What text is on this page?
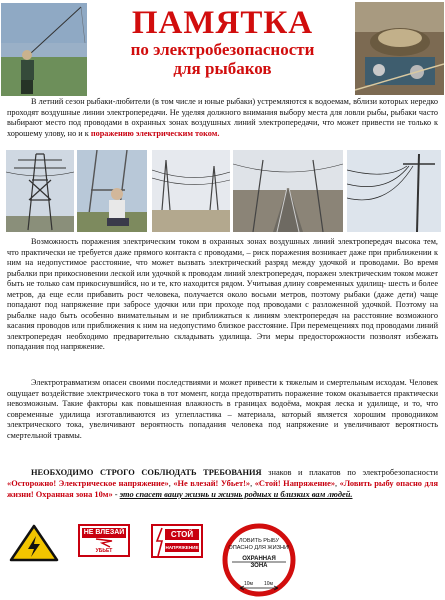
ПАМЯТКА
по электробезопасности
для рыбаков
В летний сезон рыбаки-любители (в том числе и юные рыбаки) устремляются к водоемам, вблизи которых нередко проходят воздушные линии электропередачи. Не уделяя должного внимания выбору места для ловли рыбы, рыбаки часто выбирают место под проводами в охранных зонах воздушных линий электропередачи, что может привести не только к хорошему улову, но и к поражению электрическим током.
Возможность поражения электрическим током в охранных зонах воздушных линий электропередач высока тем, что практически не требуется даже прямого контакта с проводами, – риск поражения возникает даже при приближении к ним на недопустимое расстояние, что может вызвать электрический разряд между удочкой и проводами. Во время рыбалки при прикосновении лескoй или удочкой к проводам линий электропередач, поражен электрическим током может быть не только сам прикоснувшийся, но и те, кто находится рядом. Учитывая длину современных удилищ- шесть и более метров, да еще если прибавить рост человека, получается около восьми метров, поэтому рыбаки (даже дети) чаще попадают под напряжение при забросе удочки или при проходе под проводами с разложенной удочкой. Поэтому на рыбалке надо быть особенно внимательным и не приближаться к линиям электропередач на расстояние возможного касания проводов или приближения к ним на недопустимо близкое расстояние. При перемещениях под проводами линий электропередач необходимо предварительно складывать удилища. Эти меры предосторожности позволят избежать попадания под напряжение.
Электротравматизм опасен своими последствиями и может привести к тяжелым и смертельным исходам. Человек ощущает воздействие электрического тока в тот момент, когда предотвратить поражение током оказывается практически невозможным. Такие факторы как повышенная влажность в границах водоёма, мокрая леска и удилище, и то, что современные удилища изготавливаются из углепластика – материала, который является хорошим проводником электрического тока, увеличивают вероятность попадания человека под напряжение и увеличивают вероятность смертельной травмы.
НЕОБХОДИМО СТРОГО СОБЛЮДАТЬ ТРЕБОВАНИЯ знаков и плакатов по электробезопасности «Осторожно! Электрическое напряжение», «Не влезай! Убьет!», «Стой! Напряжение», «Ловить рыбу опасно для жизни! Охранная зона 10м» - это спасет вашу жизнь и жизнь родных и близких вам людей.
НЕ ВЛЕЗАЙ
УБЬЕТ
СТОЙ
НАПРЯЖЕНИЕ
ЛОВИТЬ РЫБУ
ОПАСНО ДЛЯ ЖИЗНИ!
ОХРАННАЯ
ЗОНА
10м 10м
